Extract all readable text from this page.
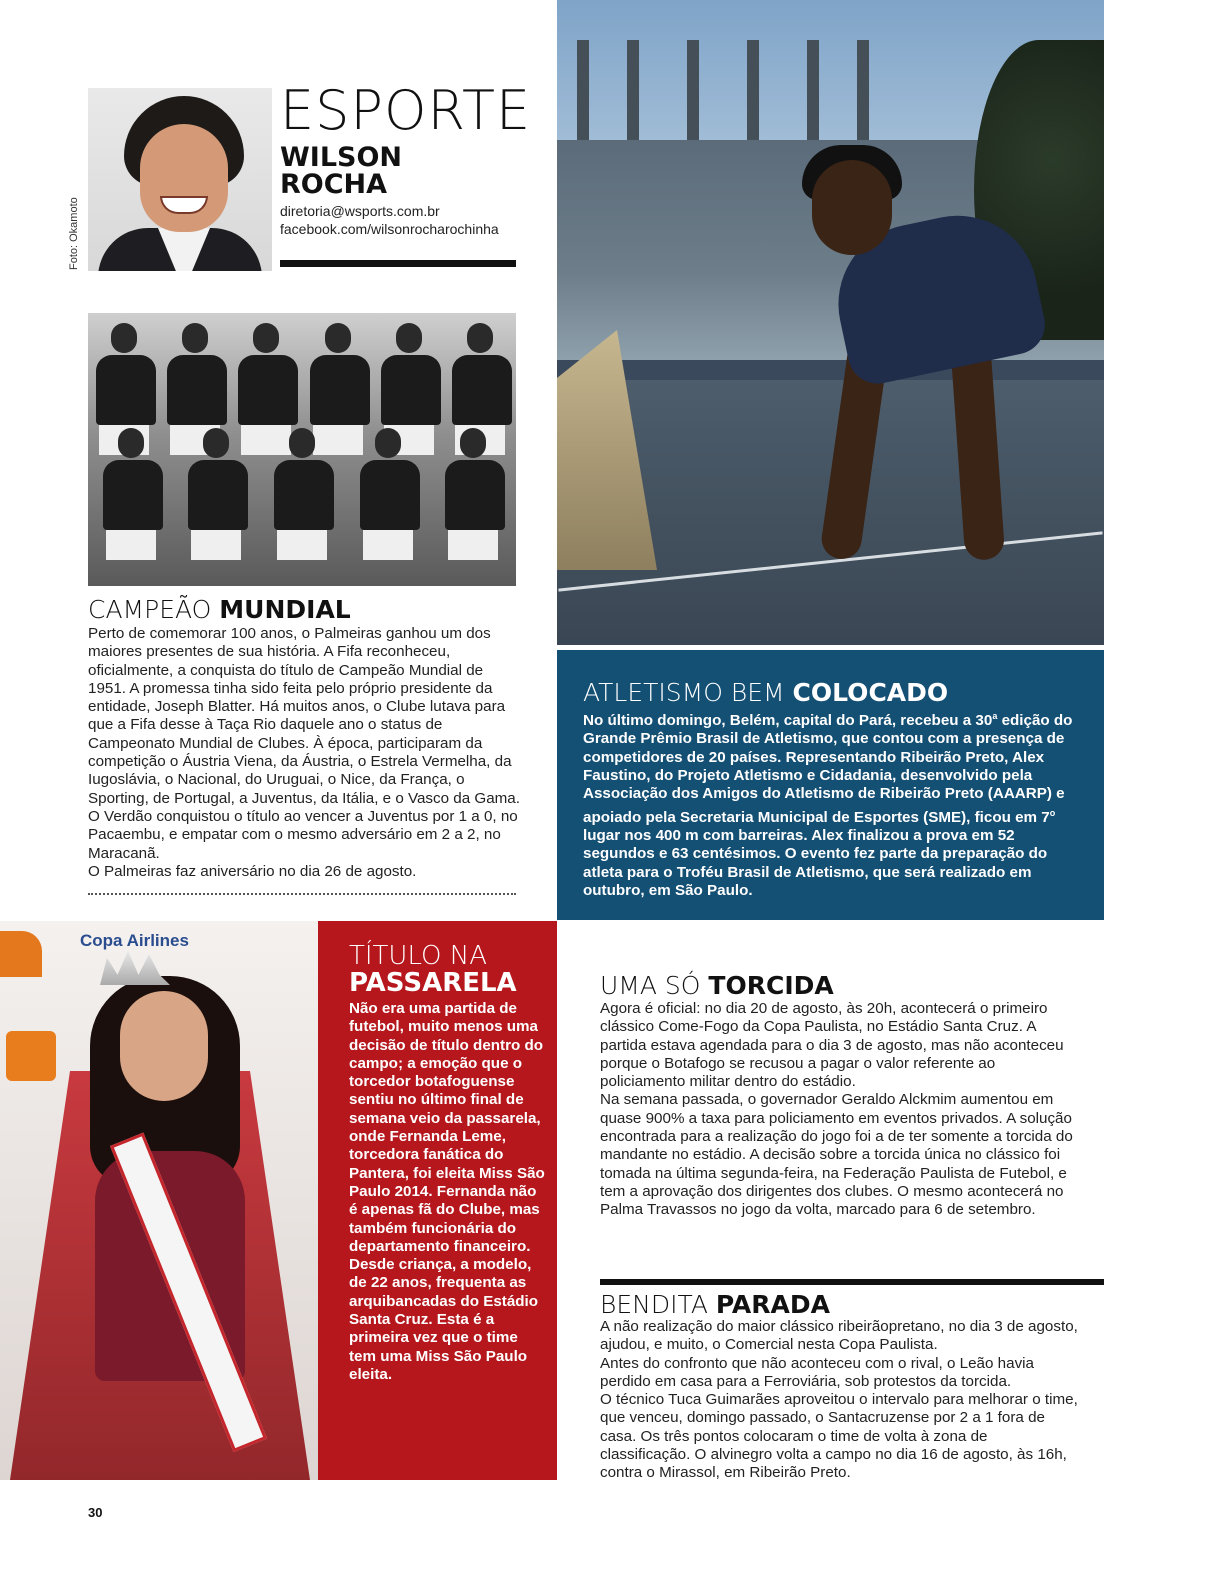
Foto: Okamoto
ESPORTE
WILSON
ROCHA
diretoria@wsports.com.br
facebook.com/wilsonrocharochinha
CAMPEÃO MUNDIAL
Perto de comemorar 100 anos, o Palmeiras ganhou um dos maiores presentes de sua história. A Fifa reconheceu, oficialmente, a conquista do título de Campeão Mundial de 1951. A promessa tinha sido feita pelo próprio presidente da entidade, Joseph Blatter. Há muitos anos, o Clube lutava para que a Fifa desse à Taça Rio daquele ano o status de Campeonato Mundial de Clubes. À época, participaram da competição o Áustria Viena, da Áustria, o Estrela Vermelha, da Iugoslávia, o Nacional, do Uruguai, o Nice, da França, o Sporting, de Portugal, a Juventus, da Itália, e o Vasco da Gama. O Verdão conquistou o título ao vencer a Juventus por 1 a 0, no Pacaembu, e empatar com o mesmo adversário em 2 a 2, no Maracanã.
O Palmeiras faz aniversário no dia 26 de agosto.
ATLETISMO BEM COLOCADO
No último domingo, Belém, capital do Pará, recebeu a 30$^a$ edição do Grande Prêmio Brasil de Atletismo, que contou com a presença de competidores de 20 países. Representando Ribeirão Preto, Alex Faustino, do Projeto Atletismo e Cidadania, desenvolvido pela Associação dos Amigos do Atletismo de Ribeirão Preto (AAARP) e apoiado pela Secretaria Municipal de Esportes (SME), ficou em 7$^o$ lugar nos 400 m com barreiras. Alex finalizou a prova em 52 segundos e 63 centésimos. O evento fez parte da preparação do atleta para o Troféu Brasil de Atletismo, que será realizado em outubro, em São Paulo.
Copa Airlines
TÍTULO NA
PASSARELA
Não era uma partida de futebol, muito menos uma decisão de título dentro do campo; a emoção que o torcedor botafoguense sentiu no último final de semana veio da passarela, onde Fernanda Leme, torcedora fanática do Pantera, foi eleita Miss São Paulo 2014. Fernanda não é apenas fã do Clube, mas também funcionária do departamento financeiro. Desde criança, a modelo, de 22 anos, frequenta as arquibancadas do Estádio Santa Cruz. Esta é a primeira vez que o time tem uma Miss São Paulo eleita.
UMA SÓ TORCIDA
Agora é oficial: no dia 20 de agosto, às 20h, acontecerá o primeiro clássico Come-Fogo da Copa Paulista, no Estádio Santa Cruz. A partida estava agendada para o dia 3 de agosto, mas não aconteceu porque o Botafogo se recusou a pagar o valor referente ao policiamento militar dentro do estádio.
Na semana passada, o governador Geraldo Alckmim aumentou em quase 900% a taxa para policiamento em eventos privados. A solução encontrada para a realização do jogo foi a de ter somente a torcida do mandante no estádio. A decisão sobre a torcida única no clássico foi tomada na última segunda-feira, na Federação Paulista de Futebol, e tem a aprovação dos dirigentes dos clubes. O mesmo acontecerá no Palma Travassos no jogo da volta, marcado para 6 de setembro.
BENDITA PARADA
A não realização do maior clássico ribeirãopretano, no dia 3 de agosto, ajudou, e muito, o Comercial nesta Copa Paulista.
Antes do confronto que não aconteceu com o rival, o Leão havia perdido em casa para a Ferroviária, sob protestos da torcida.
O técnico Tuca Guimarães aproveitou o intervalo para melhorar o time, que venceu, domingo passado, o Santacruzense por 2 a 1 fora de casa. Os três pontos colocaram o time de volta à zona de classificação. O alvinegro volta a campo no dia 16 de agosto, às 16h, contra o Mirassol, em Ribeirão Preto.
30
